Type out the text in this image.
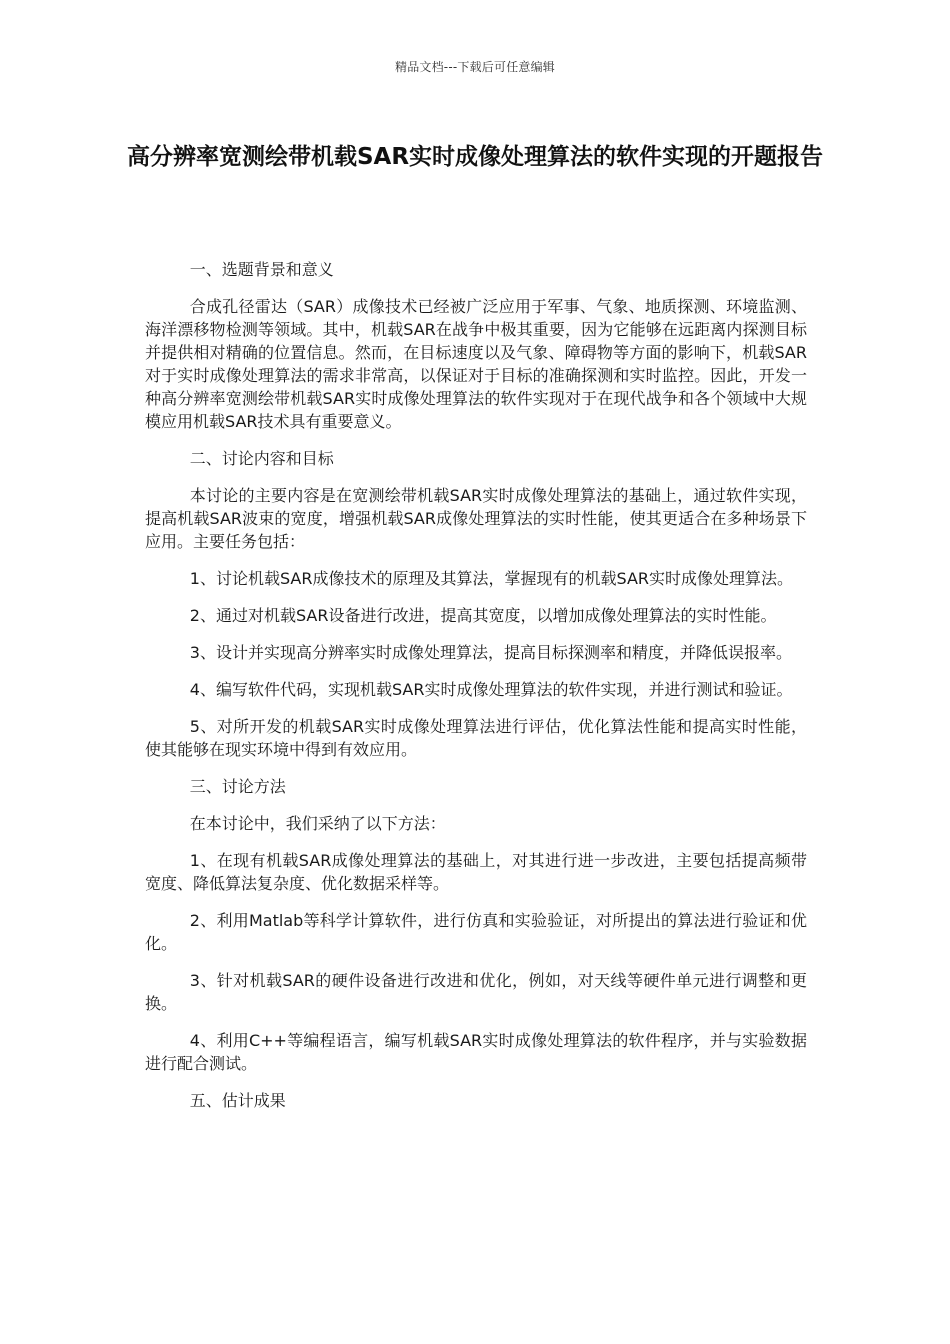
精品文档---下载后可任意编辑
高分辨率宽测绘带机载SAR实时成像处理算法的软件实现的开题报告
一、选题背景和意义

合成孔径雷达（SAR）成像技术已经被广泛应用于军事、气象、地质探测、环境监测、海洋漂移物检测等领域。其中，机载SAR在战争中极其重要，因为它能够在远距离内探测目标并提供相对精确的位置信息。然而，在目标速度以及气象、障碍物等方面的影响下，机载SAR对于实时成像处理算法的需求非常高，以保证对于目标的准确探测和实时监控。因此，开发一种高分辨率宽测绘带机载SAR实时成像处理算法的软件实现对于在现代战争和各个领域中大规模应用机载SAR技术具有重要意义。

二、讨论内容和目标

本讨论的主要内容是在宽测绘带机载SAR实时成像处理算法的基础上，通过软件实现，提高机载SAR波束的宽度，增强机载SAR成像处理算法的实时性能，使其更适合在多种场景下应用。主要任务包括：

1、讨论机载SAR成像技术的原理及其算法，掌握现有的机载SAR实时成像处理算法。

2、通过对机载SAR设备进行改进，提高其宽度，以增加成像处理算法的实时性能。

3、设计并实现高分辨率实时成像处理算法，提高目标探测率和精度，并降低误报率。

4、编写软件代码，实现机载SAR实时成像处理算法的软件实现，并进行测试和验证。

5、对所开发的机载SAR实时成像处理算法进行评估，优化算法性能和提高实时性能，使其能够在现实环境中得到有效应用。

三、讨论方法

在本讨论中，我们采纳了以下方法：

1、在现有机载SAR成像处理算法的基础上，对其进行进一步改进，主要包括提高频带宽度、降低算法复杂度、优化数据采样等。

2、利用Matlab等科学计算软件，进行仿真和实验验证，对所提出的算法进行验证和优化。

3、针对机载SAR的硬件设备进行改进和优化，例如，对天线等硬件单元进行调整和更换。

4、利用C++等编程语言，编写机载SAR实时成像处理算法的软件程序，并与实验数据进行配合测试。

五、估计成果
